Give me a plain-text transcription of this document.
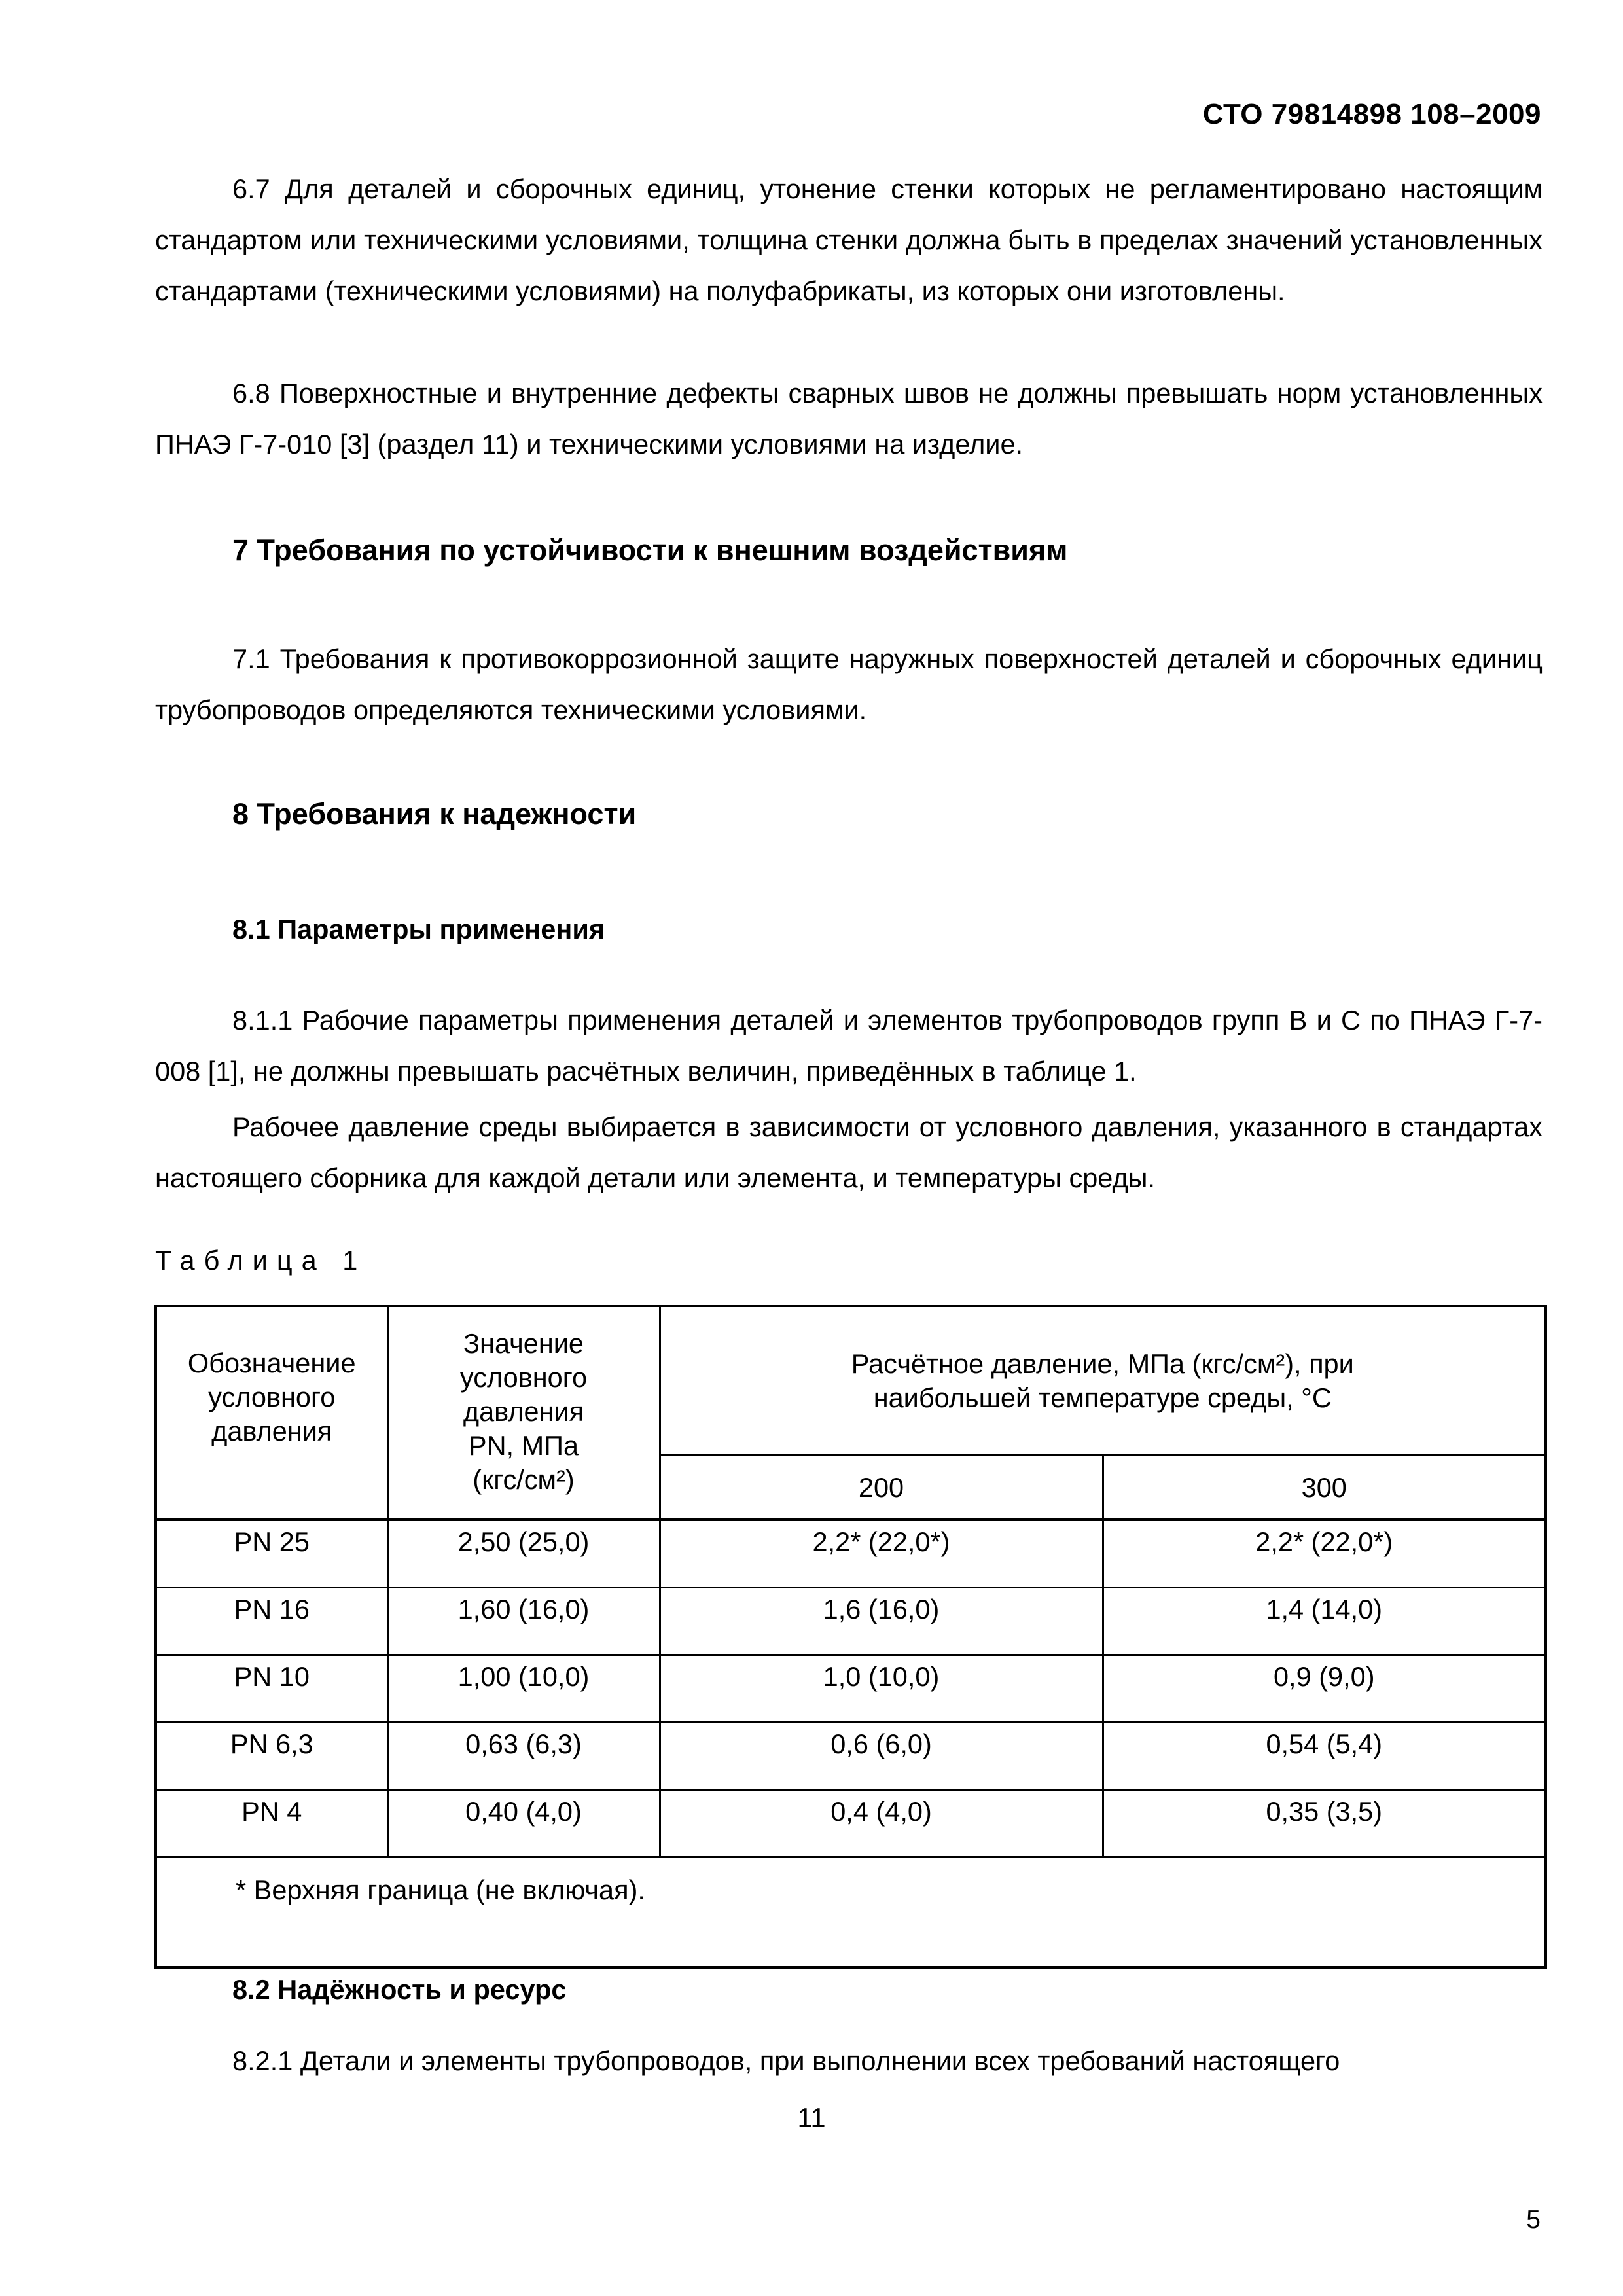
СТО 79814898 108–2009

6.7 Для деталей и сборочных единиц, утонение стенки которых не регламентировано настоящим стандартом или техническими условиями, толщина стенки должна быть в пределах значений установленных стандартами (техническими условиями) на полуфабрикаты, из которых они изготовлены.

6.8 Поверхностные и внутренние дефекты сварных швов не должны превышать норм установленных ПНАЭ Г-7-010 [3] (раздел 11) и техническими условиями на изделие.

7 Требования по устойчивости к внешним воздействиям

7.1 Требования к противокоррозионной защите наружных поверхностей деталей и сборочных единиц трубопроводов определяются техническими условиями.

8 Требования к надежности
8.1 Параметры применения

8.1.1 Рабочие параметры применения деталей и элементов трубопроводов групп В и С по ПНАЭ Г-7-008 [1], не должны превышать расчётных величин, приведённых в таблице 1.

Рабочее давление среды выбирается в зависимости от условного давления, указанного в стандартах настоящего сборника для каждой детали или элемента, и температуры среды.

Таблица 1
Обозначение условного давления	Значение условного давления PN, МПа (кгс/см²)	Расчётное давление, МПа (кгс/см²), при наибольшей температуре среды, °С	

		200	300
PN 25	2,50 (25,0)	2,2* (22,0*)	2,2* (22,0*)
PN 16	1,60 (16,0)	1,6 (16,0)	1,4 (14,0)
PN 10	1,00 (10,0)	1,0 (10,0)	0,9 (9,0)
PN 6,3	0,63 (6,3)	0,6 (6,0)	0,54 (5,4)
PN 4	0,40 (4,0)	0,4 (4,0)	0,35 (3,5)
* Верхняя граница (не включая).			
8.2 Надёжность и ресурс

8.2.1 Детали и элементы трубопроводов, при выполнении всех требований настоящего

11
5
